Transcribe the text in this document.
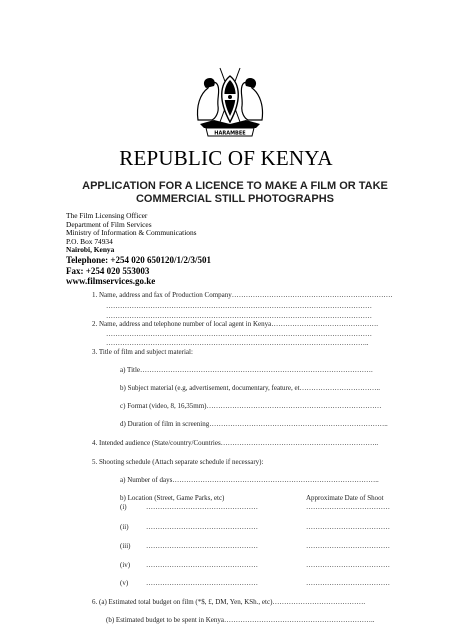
HARAMBEE
REPUBLIC OF KENYA
APPLICATION FOR A LICENCE TO MAKE A FILM OR TAKE
COMMERCIAL STILL PHOTOGRAPHS
The Film Licensing Officer
Department of Film Services
Ministry of Information & Communications
P.O. Box 74934
Nairobi, Kenya
Telephone: +254 020 650120/1/2/3/501
Fax: +254 020 553003
www.filmservices.go.ke
1. Name, address and fax of Production Company……………………………………………………………
……………………………………………………………………………………………………
……………………………………………………………………………………………………
2. Name, address and telephone number of local agent in Kenya……………………………………….
……………………………………………………………………………………………………
…………………………………………………………………………………………………..
3. Title of film and subject material:
a) Title……………………………………………………………………………………….
b) Subject material (e.g, advertisement, documentary, feature, et……………………………..
c) Format (video, 8, 16,35mm)…………………………………………………………………
d) Duration of film in screening…………………………………………………………………..
4. Intended audience (State/country/Countries…………………………………………………………..
5. Shooting schedule (Attach separate schedule if necessary):
a) Number of days……………………………………………………………………………..
b) Location (Street, Game Parks, etc)	Approximate Date of Shoot
(i)	…………………………………………	………………………………
(ii) …………………………………………	………………………………
(iii) …………………………………………	………………………………
(iv) …………………………………………	………………………………
(v)	…………………………………………	………………………………
6. (a) Estimated total budget on film (*$, £, DM, Yen, KSh., etc)………………………………….
(b) Estimated budget to be spent in Kenya………………………………………………………..
